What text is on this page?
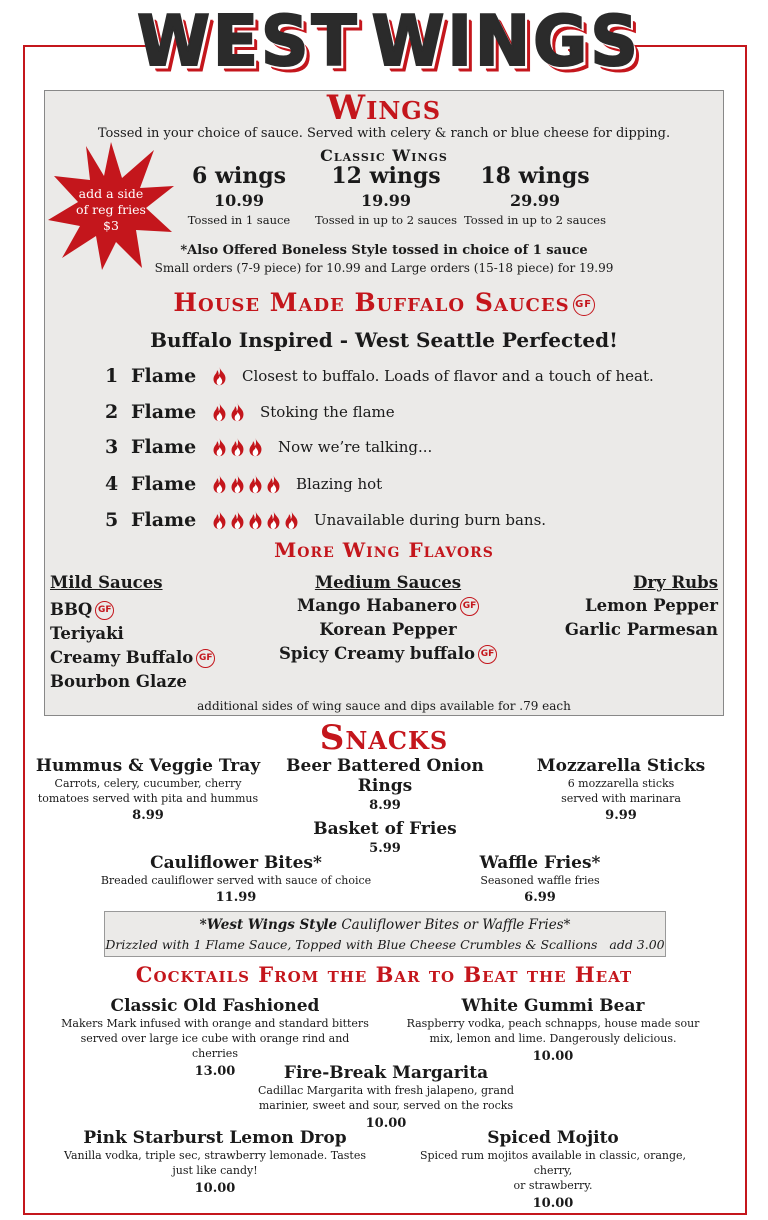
WEST WINGS
Wings
Tossed in your choice of sauce. Served with celery & ranch or blue cheese for dipping.
add a side
of reg fries
$3
Classic Wings
6 wings
10.99
Tossed in 1 sauce
12 wings
19.99
Tossed in up to 2 sauces
18 wings
29.99
Tossed in up to 2 sauces
*Also Offered Boneless Style tossed in choice of 1 sauce
Small orders (7-9 piece) for 10.99 and Large orders (15-18 piece) for 19.99
House Made Buffalo Sauces GF
Buffalo Inspired - West Seattle Perfected!
1 Flame	Closest to buffalo. Loads of flavor and a touch of heat.
2 Flame	Stoking the flame
3 Flame	Now we’re talking...
4 Flame	Blazing hot
5 Flame	Unavailable during burn bans.
More Wing Flavors
Mild Sauces
BBQ GF
Teriyaki
Creamy Buffalo GF
Bourbon Glaze
Medium Sauces
Mango Habanero GF
Korean Pepper
Spicy Creamy buffalo GF
Dry Rubs
Lemon Pepper
Garlic Parmesan
additional sides of wing sauce and dips available for .79 each
Snacks
Hummus & Veggie Tray
Carrots, celery, cucumber, cherry
tomatoes served with pita and hummus
8.99
Beer Battered Onion Rings
8.99
Mozzarella Sticks
6 mozzarella sticks
served with marinara
9.99
Basket of Fries
5.99
Cauliflower Bites*
Breaded cauliflower served with sauce of choice
11.99
Waffle Fries*
Seasoned waffle fries
6.99
*West Wings Style Cauliflower Bites or Waffle Fries*
Drizzled with 1 Flame Sauce, Topped with Blue Cheese Crumbles & Scallions add 3.00
Cocktails From the Bar to Beat the Heat
Classic Old Fashioned
Makers Mark infused with orange and standard bitters
served over large ice cube with orange rind and cherries
13.00
White Gummi Bear
Raspberry vodka, peach schnapps, house made sour
mix, lemon and lime. Dangerously delicious.
10.00
Fire-Break Margarita
Cadillac Margarita with fresh jalapeno, grand
marinier, sweet and sour, served on the rocks
10.00
Pink Starburst Lemon Drop
Vanilla vodka, triple sec, strawberry lemonade. Tastes
just like candy!
10.00
Spiced Mojito
Spiced rum mojitos available in classic, orange, cherry,
or strawberry.
10.00
